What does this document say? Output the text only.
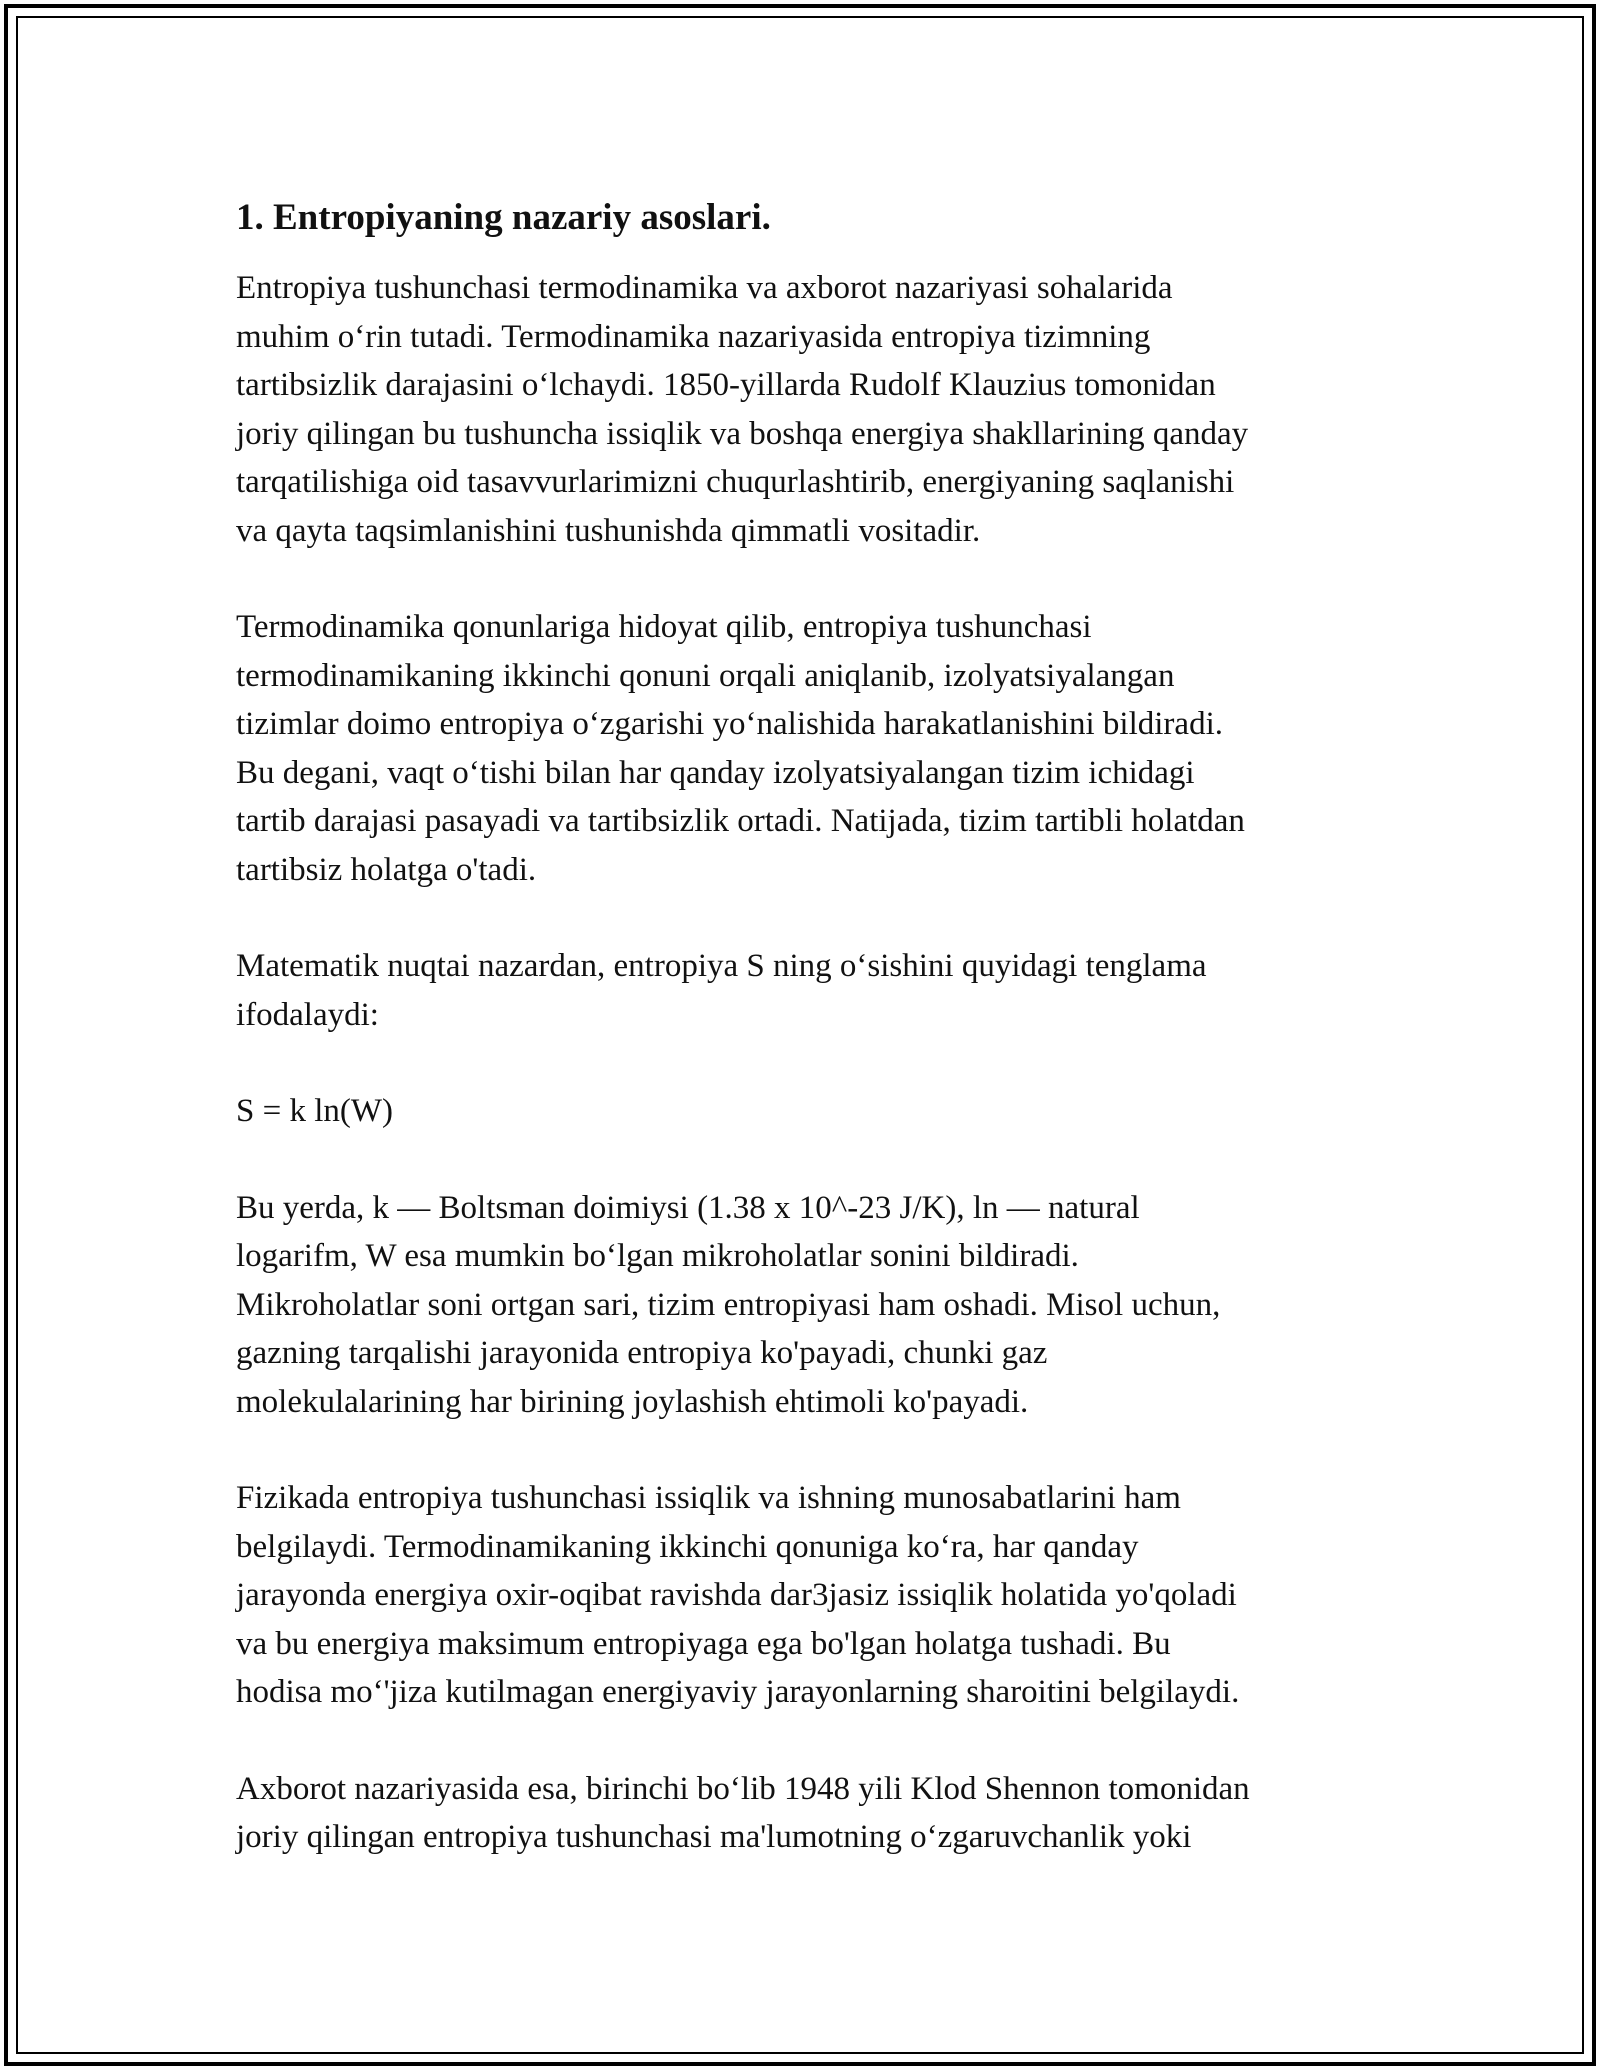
1. Entropiyaning nazariy asoslari.

Entropiya tushunchasi termodinamika va axborot nazariyasi sohalarida
muhim o‘rin tutadi. Termodinamika nazariyasida entropiya tizimning
tartibsizlik darajasini o‘lchaydi. 1850-yillarda Rudolf Klauzius tomonidan
joriy qilingan bu tushuncha issiqlik va boshqa energiya shakllarining qanday
tarqatilishiga oid tasavvurlarimizni chuqurlashtirib, energiyaning saqlanishi
va qayta taqsimlanishini tushunishda qimmatli vositadir.

Termodinamika qonunlariga hidoyat qilib, entropiya tushunchasi
termodinamikaning ikkinchi qonuni orqali aniqlanib, izolyatsiyalangan
tizimlar doimo entropiya o‘zgarishi yo‘nalishida harakatlanishini bildiradi.
Bu degani, vaqt o‘tishi bilan har qanday izolyatsiyalangan tizim ichidagi
tartib darajasi pasayadi va tartibsizlik ortadi. Natijada, tizim tartibli holatdan
tartibsiz holatga o'tadi.

Matematik nuqtai nazardan, entropiya S ning o‘sishini quyidagi tenglama
ifodalaydi:

S = k ln(W)

Bu yerda, k — Boltsman doimiysi (1.38 x 10^-23 J/K), ln — natural
logarifm, W esa mumkin bo‘lgan mikroholatlar sonini bildiradi.
Mikroholatlar soni ortgan sari, tizim entropiyasi ham oshadi. Misol uchun,
gazning tarqalishi jarayonida entropiya ko'payadi, chunki gaz
molekulalarining har birining joylashish ehtimoli ko'payadi.

Fizikada entropiya tushunchasi issiqlik va ishning munosabatlarini ham
belgilaydi. Termodinamikaning ikkinchi qonuniga ko‘ra, har qanday
jarayonda energiya oxir-oqibat ravishda dar3jasiz issiqlik holatida yo'qoladi
va bu energiya maksimum entropiyaga ega bo'lgan holatga tushadi. Bu
hodisa mo‘'jiza kutilmagan energiyaviy jarayonlarning sharoitini belgilaydi.

Axborot nazariyasida esa, birinchi bo‘lib 1948 yili Klod Shennon tomonidan
joriy qilingan entropiya tushunchasi ma'lumotning o‘zgaruvchanlik yoki
